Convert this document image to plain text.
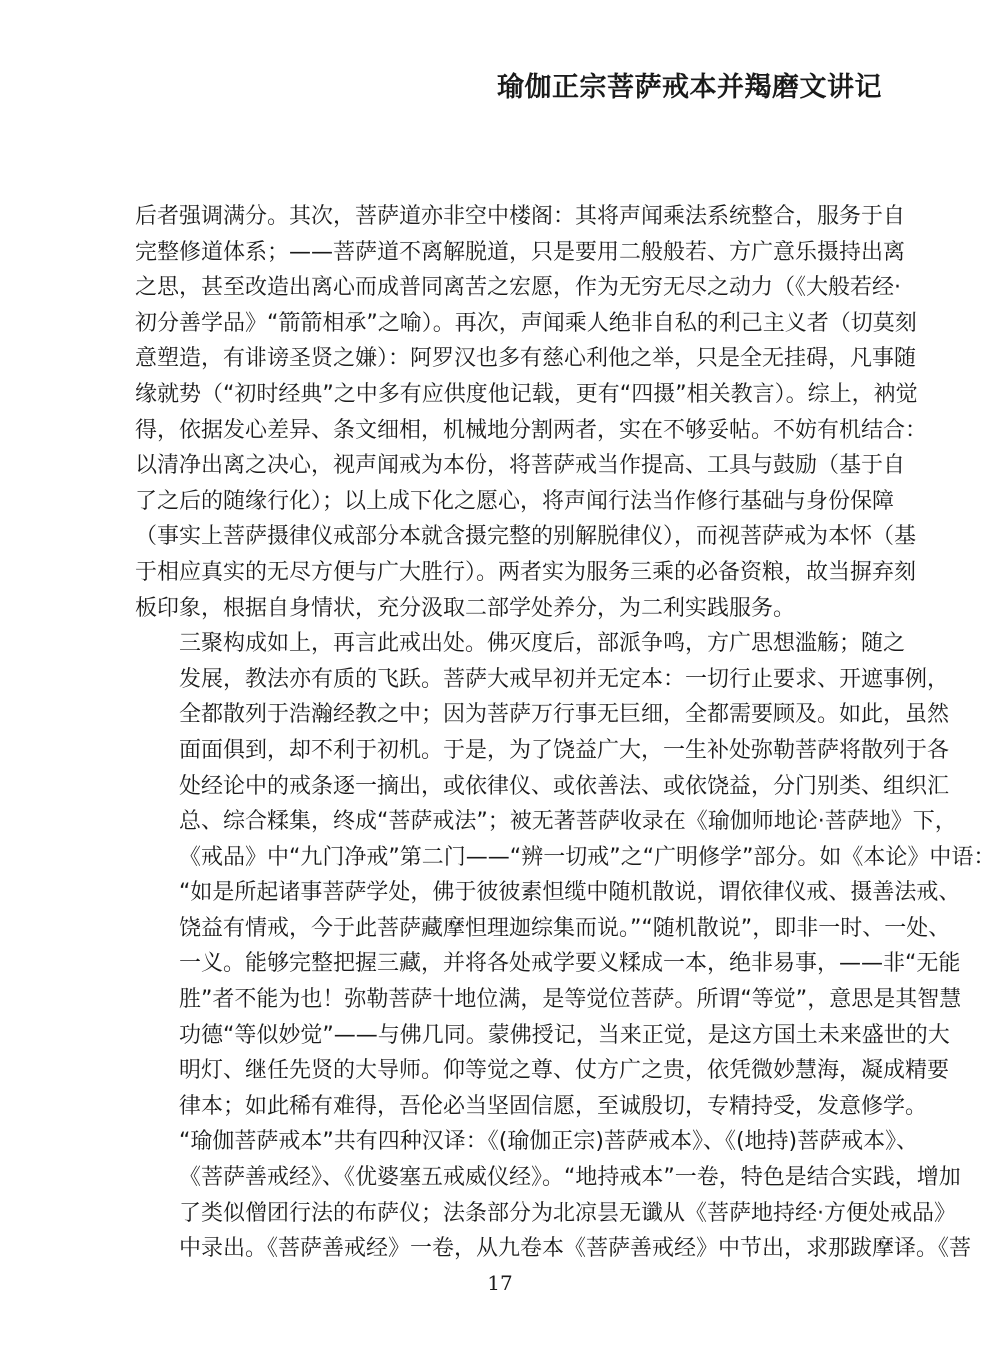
瑜伽正宗菩萨戒本并羯磨文讲记

后者强调满分。其次，菩萨道亦非空中楼阁：其将声闻乘法系统整合，服务于自
完整修道体系；——菩萨道不离解脱道，只是要用二般般若、方广意乐摄持出离
之思，甚至改造出离心而成普同离苦之宏愿，作为无穷无尽之动力（《大般若经·
初分善学品》“箭箭相承”之喻）。再次，声闻乘人绝非自私的利己主义者（切莫刻
意塑造，有诽谤圣贤之嫌）：阿罗汉也多有慈心利他之举，只是全无挂碍，凡事随
缘就势（“初时经典”之中多有应供度他记载，更有“四摄”相关教言）。综上，衲觉
得，依据发心差异、条文细相，机械地分割两者，实在不够妥帖。不妨有机结合：
以清净出离之决心，视声闻戒为本份，将菩萨戒当作提高、工具与鼓励（基于自
了之后的随缘行化）；以上成下化之愿心，将声闻行法当作修行基础与身份保障
（事实上菩萨摄律仪戒部分本就含摄完整的别解脱律仪），而视菩萨戒为本怀（基
于相应真实的无尽方便与广大胜行）。两者实为服务三乘的必备资粮，故当摒弃刻
板印象，根据自身情状，充分汲取二部学处养分，为二利实践服务。

三聚构成如上，再言此戒出处。佛灭度后，部派争鸣，方广思想滥觞；随之
发展，教法亦有质的飞跃。菩萨大戒早初并无定本：一切行止要求、开遮事例，
全都散列于浩瀚经教之中；因为菩萨万行事无巨细，全都需要顾及。如此，虽然
面面俱到，却不利于初机。于是，为了饶益广大，一生补处弥勒菩萨将散列于各
处经论中的戒条逐一摘出，或依律仪、或依善法、或依饶益，分门别类、组织汇
总、综合糅集，终成“菩萨戒法”；被无著菩萨收录在《瑜伽师地论·菩萨地》下，
《戒品》中“九门净戒”第二门——“辨一切戒”之“广明修学”部分。如《本论》中语：
“如是所起诸事菩萨学处，佛于彼彼素怛缆中随机散说，谓依律仪戒、摄善法戒、
饶益有情戒，今于此菩萨藏摩怛理迦综集而说。”“随机散说”，即非一时、一处、
一义。能够完整把握三藏，并将各处戒学要义糅成一本，绝非易事，——非“无能
胜”者不能为也！弥勒菩萨十地位满，是等觉位菩萨。所谓“等觉”，意思是其智慧
功德“等似妙觉”——与佛几同。蒙佛授记，当来正觉，是这方国土未来盛世的大
明灯、继任先贤的大导师。仰等觉之尊、仗方广之贵，依凭微妙慧海，凝成精要
律本；如此稀有难得，吾伦必当坚固信愿，至诚殷切，专精持受，发意修学。

“瑜伽菩萨戒本”共有四种汉译：《(瑜伽正宗)菩萨戒本》、《(地持)菩萨戒本》、
《菩萨善戒经》、《优婆塞五戒威仪经》。“地持戒本”一卷，特色是结合实践，增加
了类似僧团行法的布萨仪；法条部分为北凉昙无谶从《菩萨地持经·方便处戒品》
中录出。《菩萨善戒经》一卷，从九卷本《菩萨善戒经》中节出，求那跋摩译。《菩

17
